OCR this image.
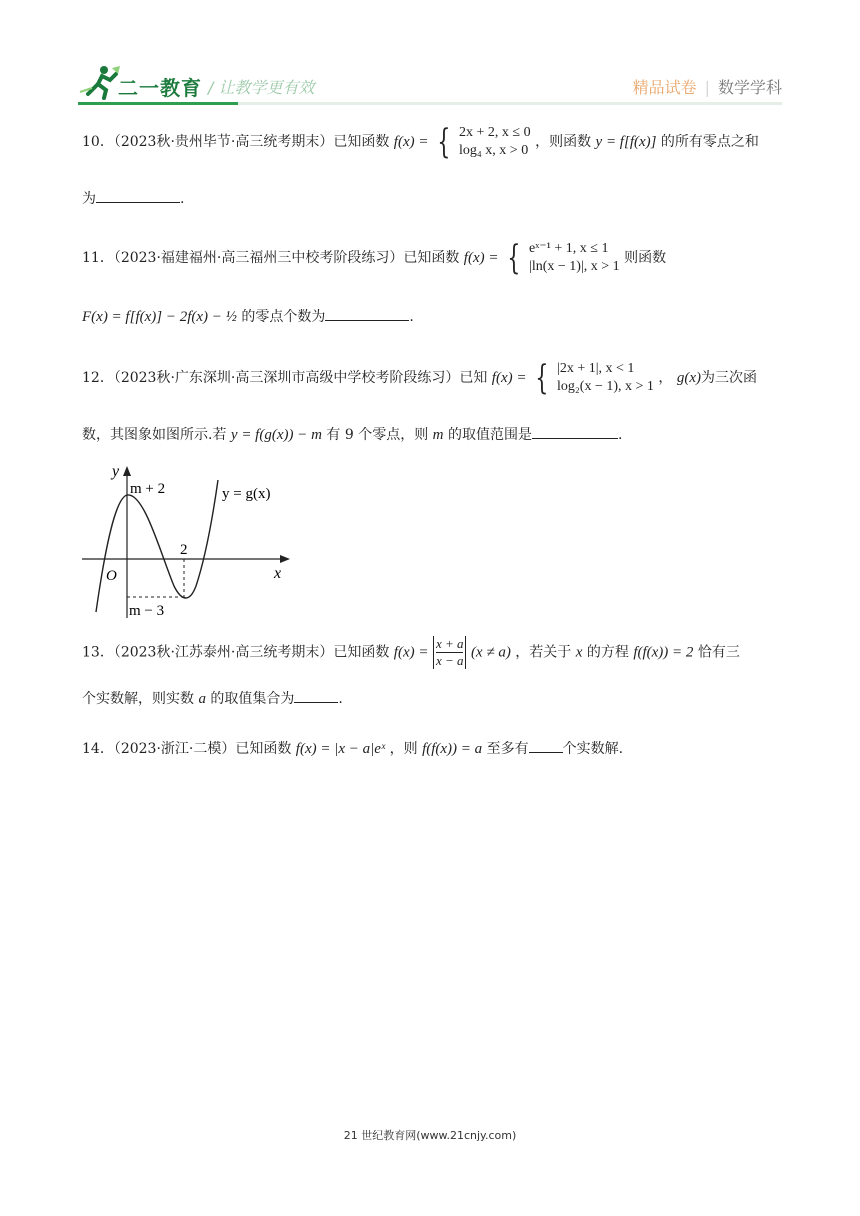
二一教育 / 让教学更有效	精品试卷 | 数学学科
10．（2023秋·贵州毕节·高三统考期末）已知函数 f(x) = { 2x + 2, x ≤ 0
log₄ x, x > 0 ，则函数 y = f[f(x)] 的所有零点之和
为	.
11．（2023·福建福州·高三福州三中校考阶段练习）已知函数 f(x) = { eˣ⁻¹ + 1, x ≤ 1
|ln(x − 1)|, x > 1 则函数
F(x) = f[f(x)] − 2f(x) − ½ 的零点个数为	.
12．（2023秋·广东深圳·高三深圳市高级中学校考阶段练习）已知 f(x) = { |2x + 1|, x < 1
log₂(x − 1), x > 1 ， g(x)为三次函
数，其图象如图所示.若 y = f(g(x)) − m 有 9 个零点，则 m 的取值范围是	.
y
x
O
m + 2
m − 3
2
y = g(x)
13．（2023秋·江苏泰州·高三统考期末）已知函数 $f(x) = \frac{x + a}{x - a} (x \ne a)$ ，若关于 x 的方程 f(f(x)) = 2 恰有三
个实数解，则实数 a 的取值集合为	.
14．（2023·浙江·二模）已知函数 f(x) = |x − a|eˣ ，则 f(f(x)) = a 至多有 个实数解.
21 世纪教育网(www.21cnjy.com)
